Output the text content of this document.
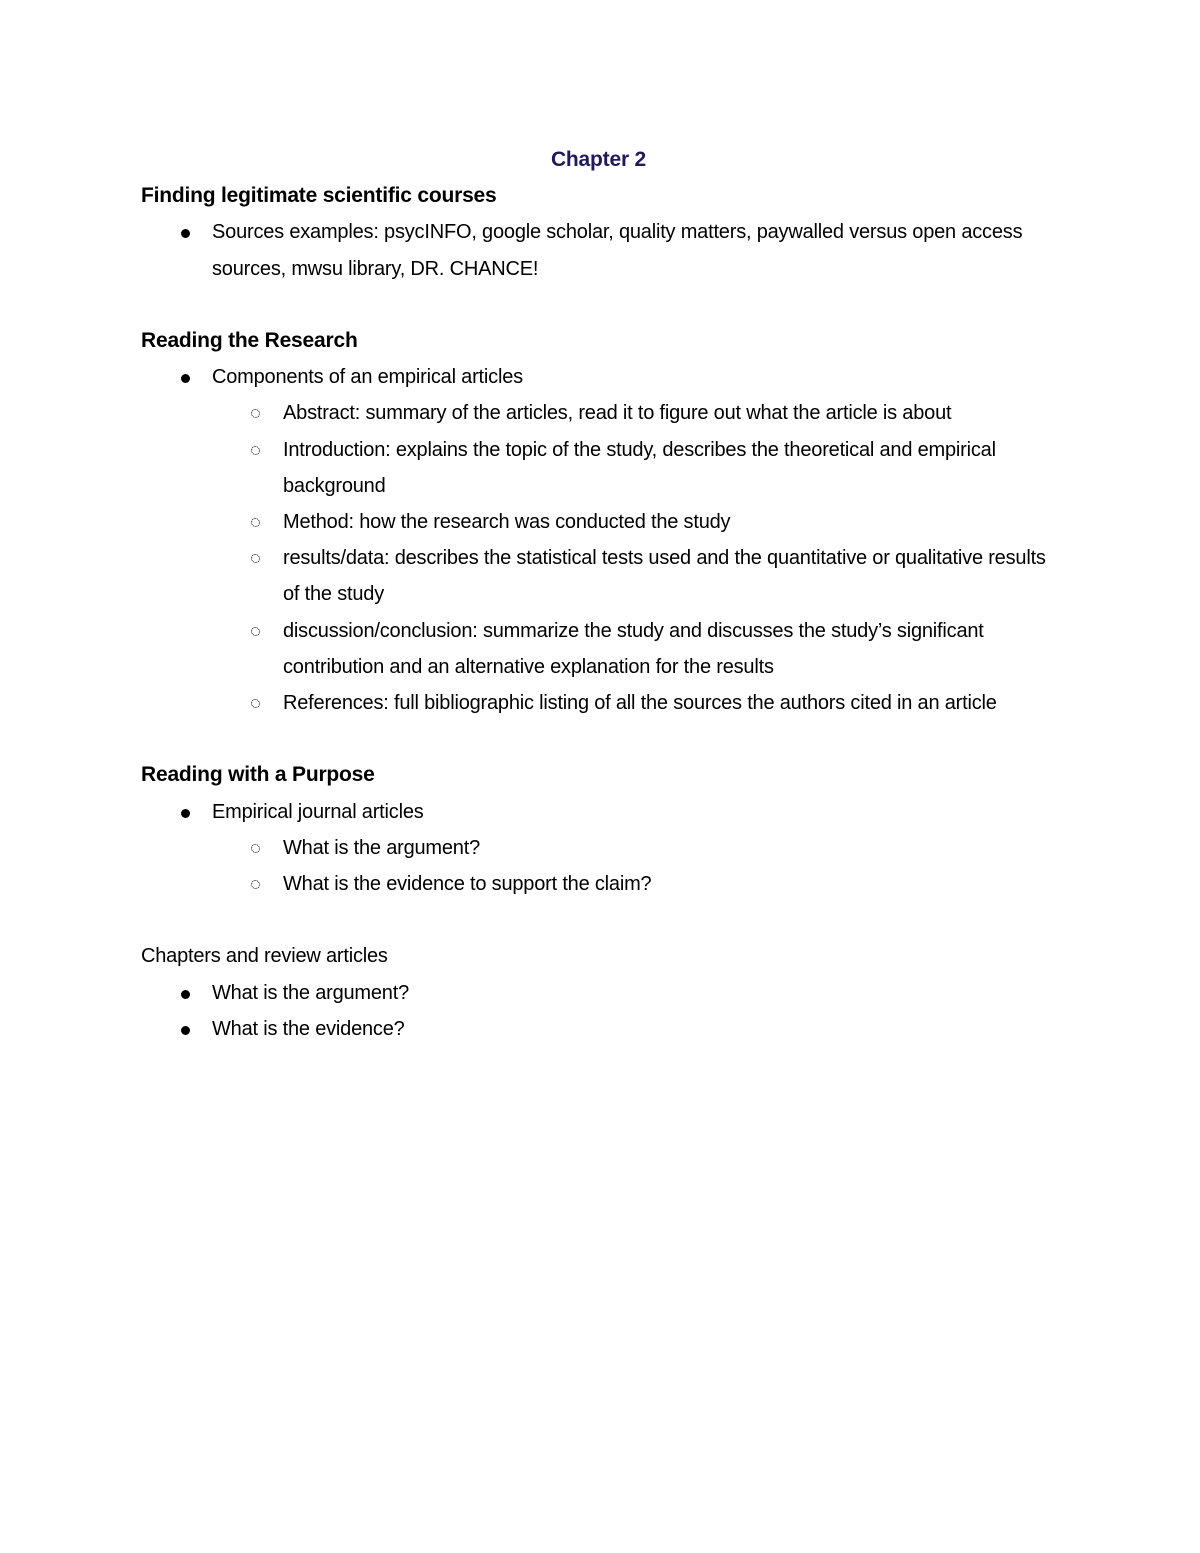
Chapter 2
Finding legitimate scientific courses
Sources examples: psycINFO, google scholar, quality matters, paywalled versus open access sources, mwsu library, DR. CHANCE!
Reading the Research
Components of an empirical articles
Abstract: summary of the articles, read it to figure out what the article is about
Introduction: explains the topic of the study, describes the theoretical and empirical background
Method: how the research was conducted the study
results/data: describes the statistical tests used and the quantitative or qualitative results of the study
discussion/conclusion: summarize the study and discusses the study’s significant contribution and an alternative explanation for the results
References: full bibliographic listing of all the sources the authors cited in an article
Reading with a Purpose
Empirical journal articles
What is the argument?
What is the evidence to support the claim?
Chapters and review articles
What is the argument?
What is the evidence?
